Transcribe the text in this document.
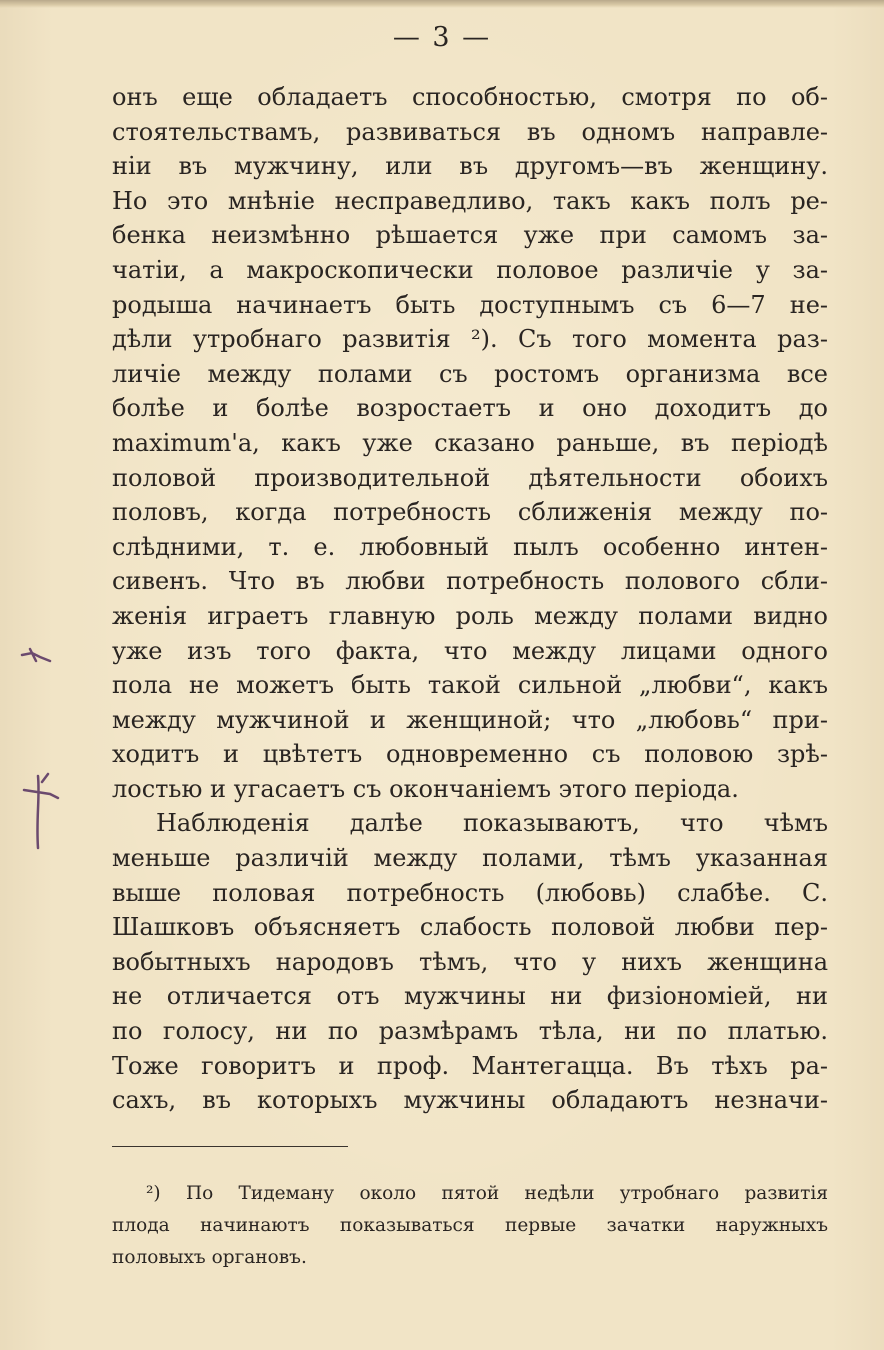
— 3 —
онъ еще обладаетъ способностью, смотря по об-
стоятельствамъ, развиваться въ одномъ направле-
ніи въ мужчину, или въ другомъ—въ женщину.
Но это мнѣніе несправедливо, такъ какъ полъ ре-
бенка неизмѣнно рѣшается уже при самомъ за-
чатіи, а макроскопически половое различіе у за-
родыша начинаетъ быть доступнымъ съ 6—7 не-
дѣли утробнаго развитія ²). Съ того момента раз-
личіе между полами съ ростомъ организма все
болѣе и болѣе возростаетъ и оно доходитъ до
maximum'а, какъ уже сказано раньше, въ періодѣ
половой производительной дѣятельности обоихъ
половъ, когда потребность сближенія между по-
слѣдними, т. е. любовный пылъ особенно интен-
сивенъ. Что въ любви потребность полового сбли-
женія играетъ главную роль между полами видно
уже изъ того факта, что между лицами одного
пола не можетъ быть такой сильной „любви“, какъ
между мужчиной и женщиной; что „любовь“ при-
ходитъ и цвѣтетъ одновременно съ половою зрѣ-
лостью и угасаетъ съ окончаніемъ этого періода.
Наблюденія далѣе показываютъ, что чѣмъ
меньше различій между полами, тѣмъ указанная
выше половая потребность (любовь) слабѣе. С.
Шашковъ объясняетъ слабость половой любви пер-
вобытныхъ народовъ тѣмъ, что у нихъ женщина
не отличается отъ мужчины ни физіономіей, ни
по голосу, ни по размѣрамъ тѣла, ни по платью.
Тоже говоритъ и проф. Мантегацца. Въ тѣхъ ра-
сахъ, въ которыхъ мужчины обладаютъ незначи-
²) По Тидеману около пятой недѣли утробнаго развитія
плода начинаютъ показываться первые зачатки наружныхъ
половыхъ органовъ.
